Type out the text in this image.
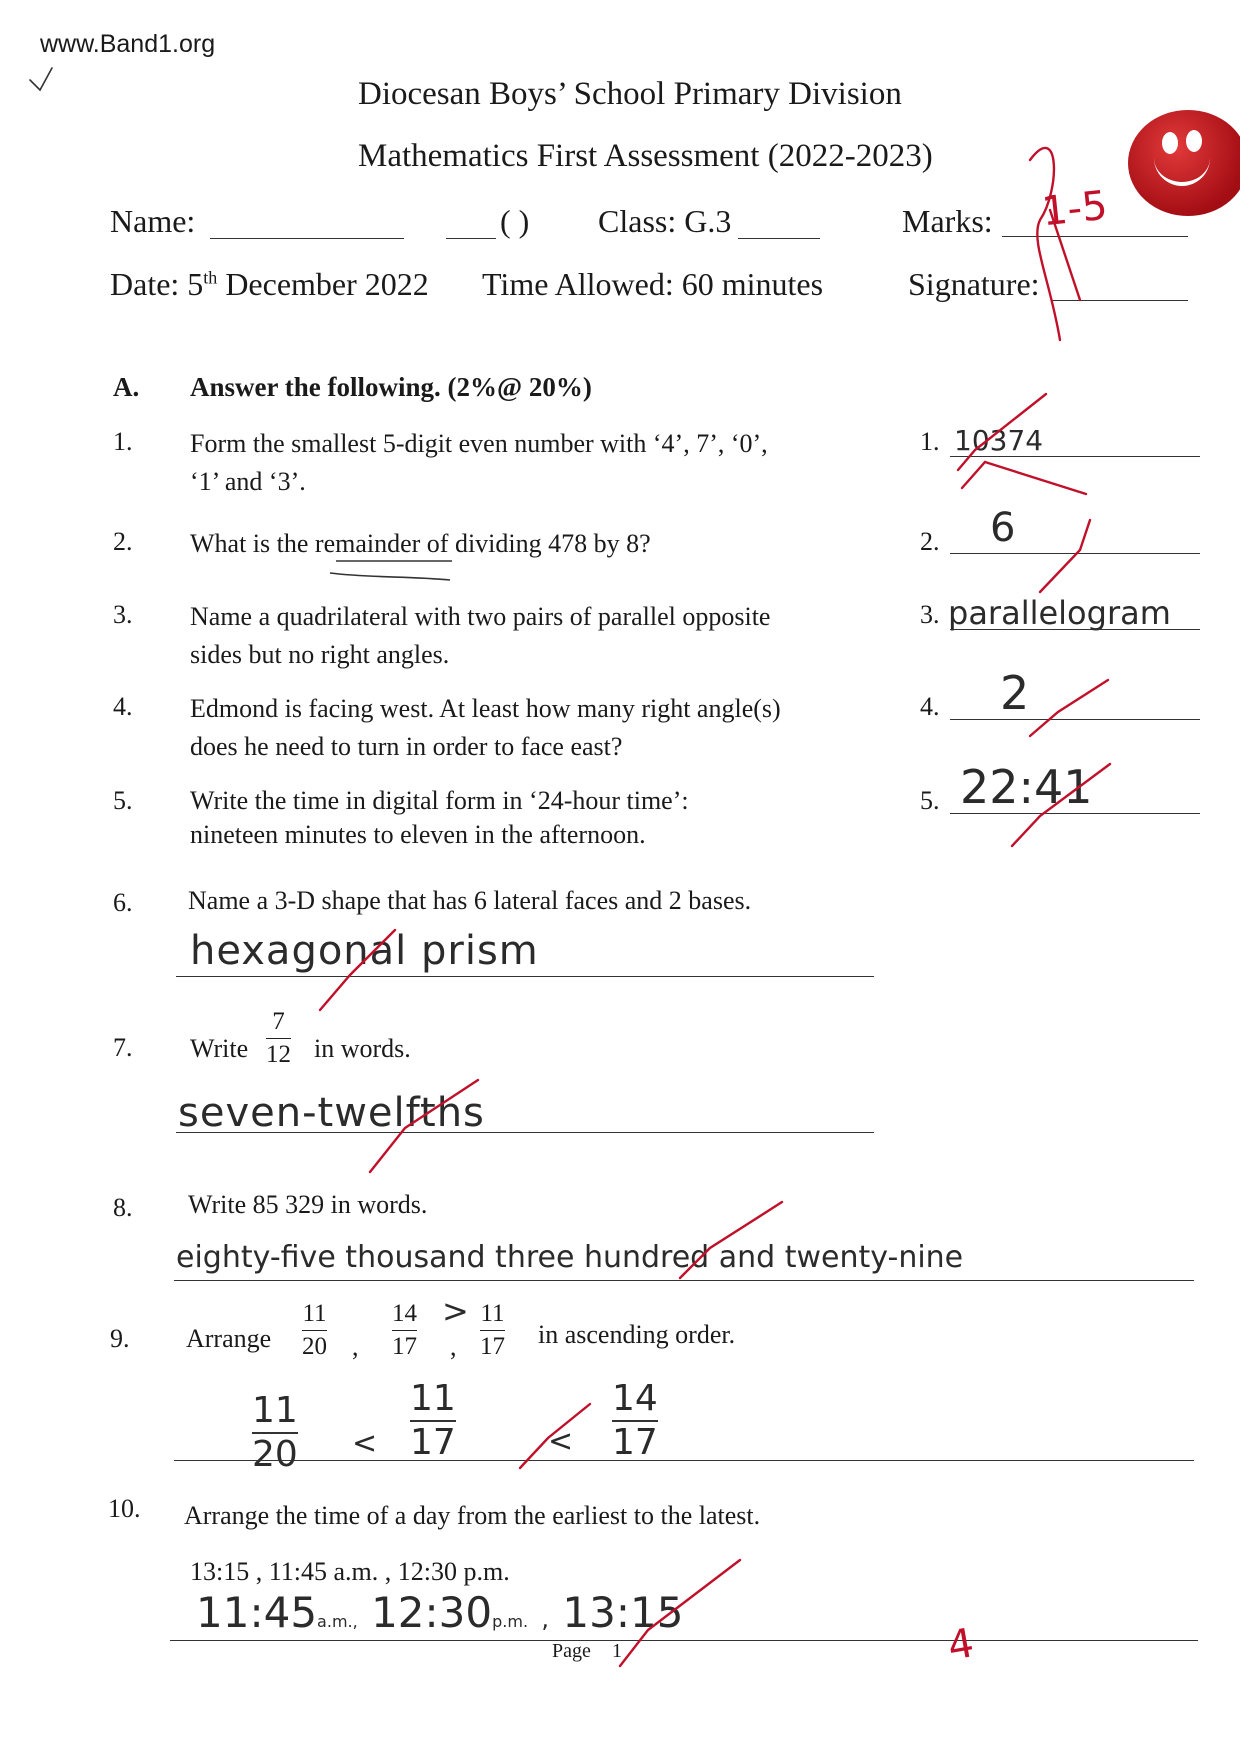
www.Band1.org
Diocesan Boys’ School Primary Division
Mathematics First Assessment (2022-2023)
Name:	( ) Class: G.3	Marks:
Date: 5th December 2022 Time Allowed: 60 minutes	Signature:
A. Answer the following. (2%@ 20%)
1. Form the smallest 5-digit even number with ‘4’, 7’, ‘0’,
‘1’ and ‘3’.
2. What is the remainder of dividing 478 by 8?
3. Name a quadrilateral with two pairs of parallel opposite
sides but no right angles.
4. Edmond is facing west. At least how many right angle(s)
does he need to turn in order to face east?
5. Write the time in digital form in ‘24-hour time’:
nineteen minutes to eleven in the afternoon.
1. 10374
2. 6
3. parallelogram
4. 2
5. 22:41
6. Name a 3-D shape that has 6 lateral faces and 2 bases.
hexagonal prism
7. Write
7
12 in words.
seven-twelfths
8. Write 85 329 in words.
eighty-five thousand three hundred and twenty-nine
9. Arrange
11
20 ,
14
17
>
,
11
17 in ascending order.
11
20 <
11
17	<
14
17
10. Arrange the time of a day from the earliest to the latest.
13:15 , 11:45 a.m. , 12:30 p.m.
11:45a.m., 12:30p.m. , 13:15
Page 1	4
1-5
